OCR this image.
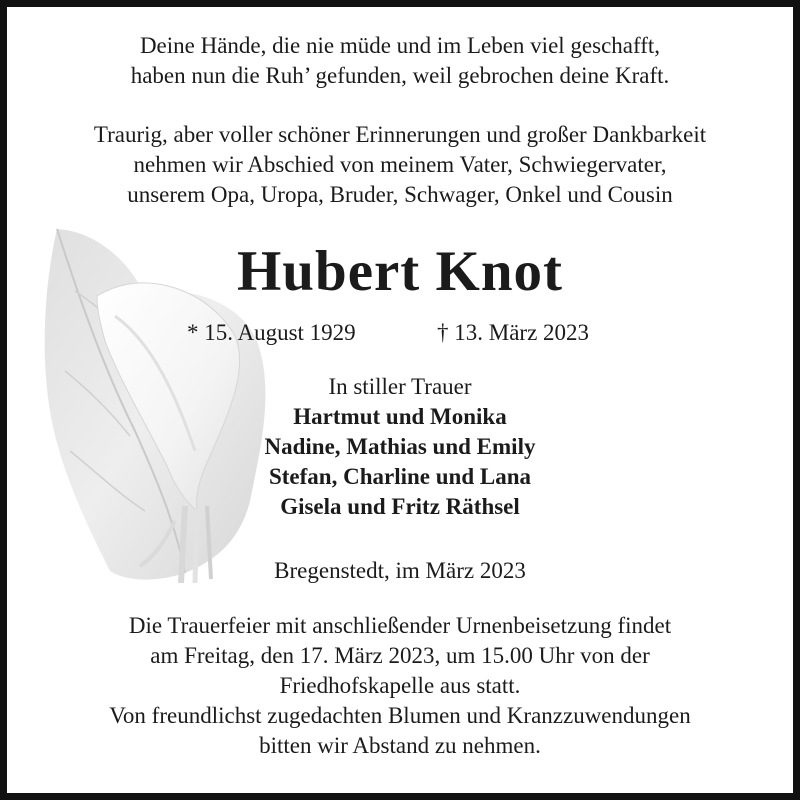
Deine Hände, die nie müde und im Leben viel geschafft,
haben nun die Ruh’ gefunden, weil gebrochen deine Kraft.
Traurig, aber voller schöner Erinnerungen und großer Dankbarkeit
nehmen wir Abschied von meinem Vater, Schwiegervater,
unserem Opa, Uropa, Bruder, Schwager, Onkel und Cousin
Hubert Knot
* 15. August 1929	† 13. März 2023
In stiller Trauer
Hartmut und Monika
Nadine, Mathias und Emily
Stefan, Charline und Lana
Gisela und Fritz Räthsel
Bregenstedt, im März 2023
Die Trauerfeier mit anschließender Urnenbeisetzung findet
am Freitag, den 17. März 2023, um 15.00 Uhr von der
Friedhofskapelle aus statt.
Von freundlichst zugedachten Blumen und Kranzzuwendungen
bitten wir Abstand zu nehmen.
